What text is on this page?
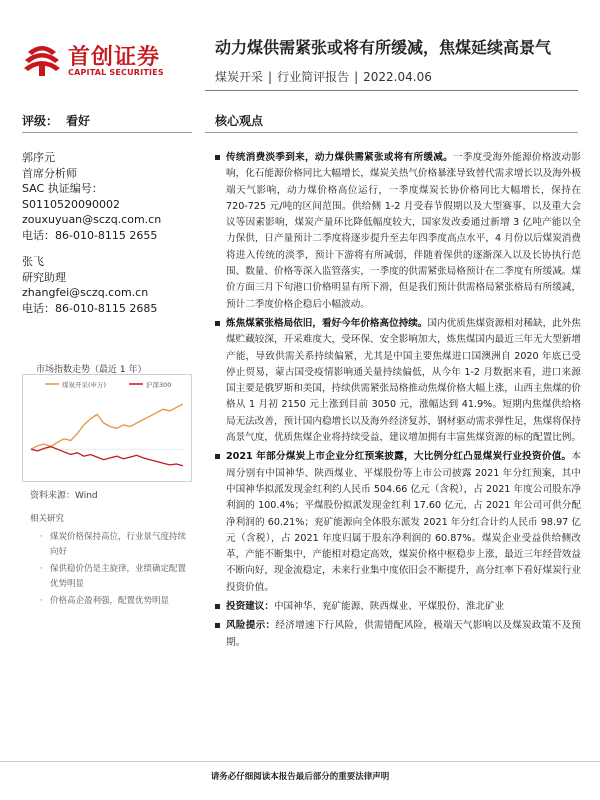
首创证券
CAPITAL SECURITIES
动力煤供需紧张或将有所缓减，焦煤延续高景气
煤炭开采 | 行业简评报告 | 2022.04.06
评级： 看好	核心观点
郭序元
首席分析师
SAC 执证编号：
S0110520090002
zouxuyuan@sczq.com.cn
电话：86-010-8115 2655
张飞
研究助理
zhangfei@sczq.com.cn
电话：86-010-8115 2685
市场指数走势（最近 1 年）
煤炭开采(申万)	沪深300
资料来源：Wind
相关研究
· 煤炭价格保持高位，行业景气度持续向好
· 保供稳价仍是主旋律，业绩确定配置优势明显
· 价格高企盈利强，配置优势明显

传统消费淡季到来，动力煤供需紧张或将有所缓减。一季度受海外能源价格波动影响，化石能源价格同比大幅增长，煤炭关热气价格暴涨导致替代需求增长以及海外极端天气影响，动力煤价格高位运行，一季度煤炭长协价格同比大幅增长，保持在 720-725 元/吨的区间范围。供给侧 1-2 月受春节假期以及大型赛事、以及重大会议等因素影响，煤炭产量环比降低幅度较大，国家发改委通过新增 3 亿吨产能以全力保供，日产量预计二季度将逐步提升至去年四季度高点水平，4 月份以后煤炭消费将进入传统的淡季，预计下游将有所减弱，伴随着保供的逐渐深入以及长协执行范围、数量、价格等深入监管落实，一季度的供需紧张局格预计在二季度有所缓减。煤价方面三月下旬港口价格明显有所下滑，但是我们预计供需格局紧张格局有所缓减，预计二季度价格企稳后小幅波动。

炼焦煤紧张格局依旧，看好今年价格高位持续。国内优质焦煤资源相对稀缺，此外焦煤贮藏较深，开采难度大，受环保、安全影响加大，炼焦煤国内最近三年无大型新增产能，导致供需关系持续偏紧，尤其是中国主要焦煤进口国澳洲自 2020 年底已受停止贸易，蒙古国受疫情影响通关量持续偏低，从今年 1-2 月数据来看，进口来源国主要是俄罗斯和美国，持续供需紧张局格推动焦煤价格大幅上涨，山西主焦煤的价格从 1 月初 2150 元上涨到目前 3050 元，涨幅达到 41.9%。短期内焦煤供给格局无法改善，预计国内稳增长以及海外经济复苏，钢材驱动需求弹性足，焦煤将保持高景气度，优质焦煤企业将持续受益，建议增加拥有丰富焦煤资源的标的配置比例。

2021 年部分煤炭上市企业分红预案披露，大比例分红凸显煤炭行业投资价值。本周分别有中国神华、陕西煤业、平煤股份等上市公司披露 2021 年分红预案，其中中国神华拟派发现金红利约人民币 504.66 亿元（含税），占 2021 年度公司股东净利润的 100.4%；平煤股份拟派发现金红利 17.60 亿元，占 2021 年公司可供分配净利润的 60.21%；兖矿能源向全体股东派发 2021 年分红合计约人民币 98.97 亿元（含税），占 2021 年度归属于股东净利润的 60.87%。煤炭企业受益供给侧改革，产能不断集中，产能相对稳定高效，煤炭价格中枢稳步上涨，最近三年经营效益不断向好，现金流稳定，未来行业集中度依旧会不断提升，高分红率下看好煤炭行业投资价值。

投资建议：中国神华、兖矿能源、陕西煤业、平煤股份、淮北矿业

风险提示：经济增速下行风险，供需错配风险，极端天气影响以及煤炭政策不及预期。

请务必仔细阅读本报告最后部分的重要法律声明
